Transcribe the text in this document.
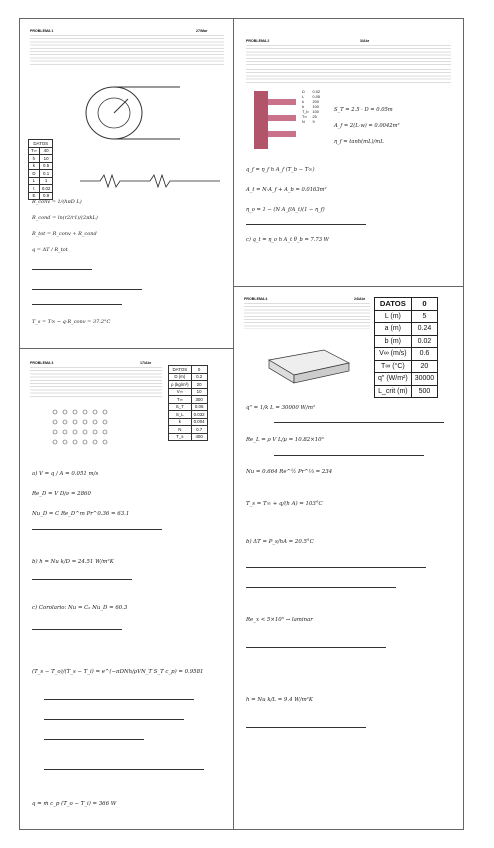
PROBLEMA 1	27/Mar
DATOS	
T∞	40
h	10
k	0.5
D	0.1
L	1
t	0.02
E	0.9
R_conv = 1/(hπD L)
R_cond = ln(r2/r1)/(2πkL)
R_tot = R_conv + R_cond
q = ΔT / R_tot
T_s = T∞ − q·R_conv = 37.2°C
PROBLEMA 2	3/Abr
D	0.02
L	0.05
k	200
h	100
T_b	100
T∞	25
N	9
S_T = 2.5 · D = 0.05m
A_f = 2(L·w) = 0.0042m²
η_f = tanh(mL)/mL
q_f = η_f h A_f (T_b − T∞)
A_t = N·A_f + A_b = 0.0163m²
η_o = 1 − (N A_f/A_t)(1 − η_f)
c) q_t = η_o h A_t θ_b = 7.73 W
PROBLEMA 3	17/Abr
DATOS	0
D (m)	0.2
ρ (kg/m³)	20
V∞	10
T∞	300
S_T	0.06
S_L	0.032
k	0.004
N	0.7
T_s	400
a) V = q / A = 0.051 m/s
Re_D = V D/ν = 2860
Nu_D = C Re_D^m Pr^0.36 = 63.1
b) h = Nu k/D = 24.51 W/m²K
c) Corolario: Nu = C₂ Nu_D = 60.3
(T_s − T_o)/(T_s − T_i) = e^(−πDNh/ρVN_T S_T c_p) = 0.9581
q = ṁ c_p (T_o − T_i) = 366 W
PROBLEMA 4	24/Abr
DATOS	0
L (m)	5
a (m)	0.24
b (m)	0.02
V∞ (m/s)	0.6
T∞ (°C)	20
q" (W/m²)	30000
L_crit (m)	500
q" = 1/k L = 30000 W/m²
Re_L = ρ V L/μ = 10.82×10³
Nu = 0.664 Re^½ Pr^⅓ = 234
T_s = T∞ + q/(h A) = 103°C
b) ΔT = P_s/hA = 20.5°C
Re_x < 5×10⁵ → laminar
h = Nu k/L = 9.4 W/m²K
